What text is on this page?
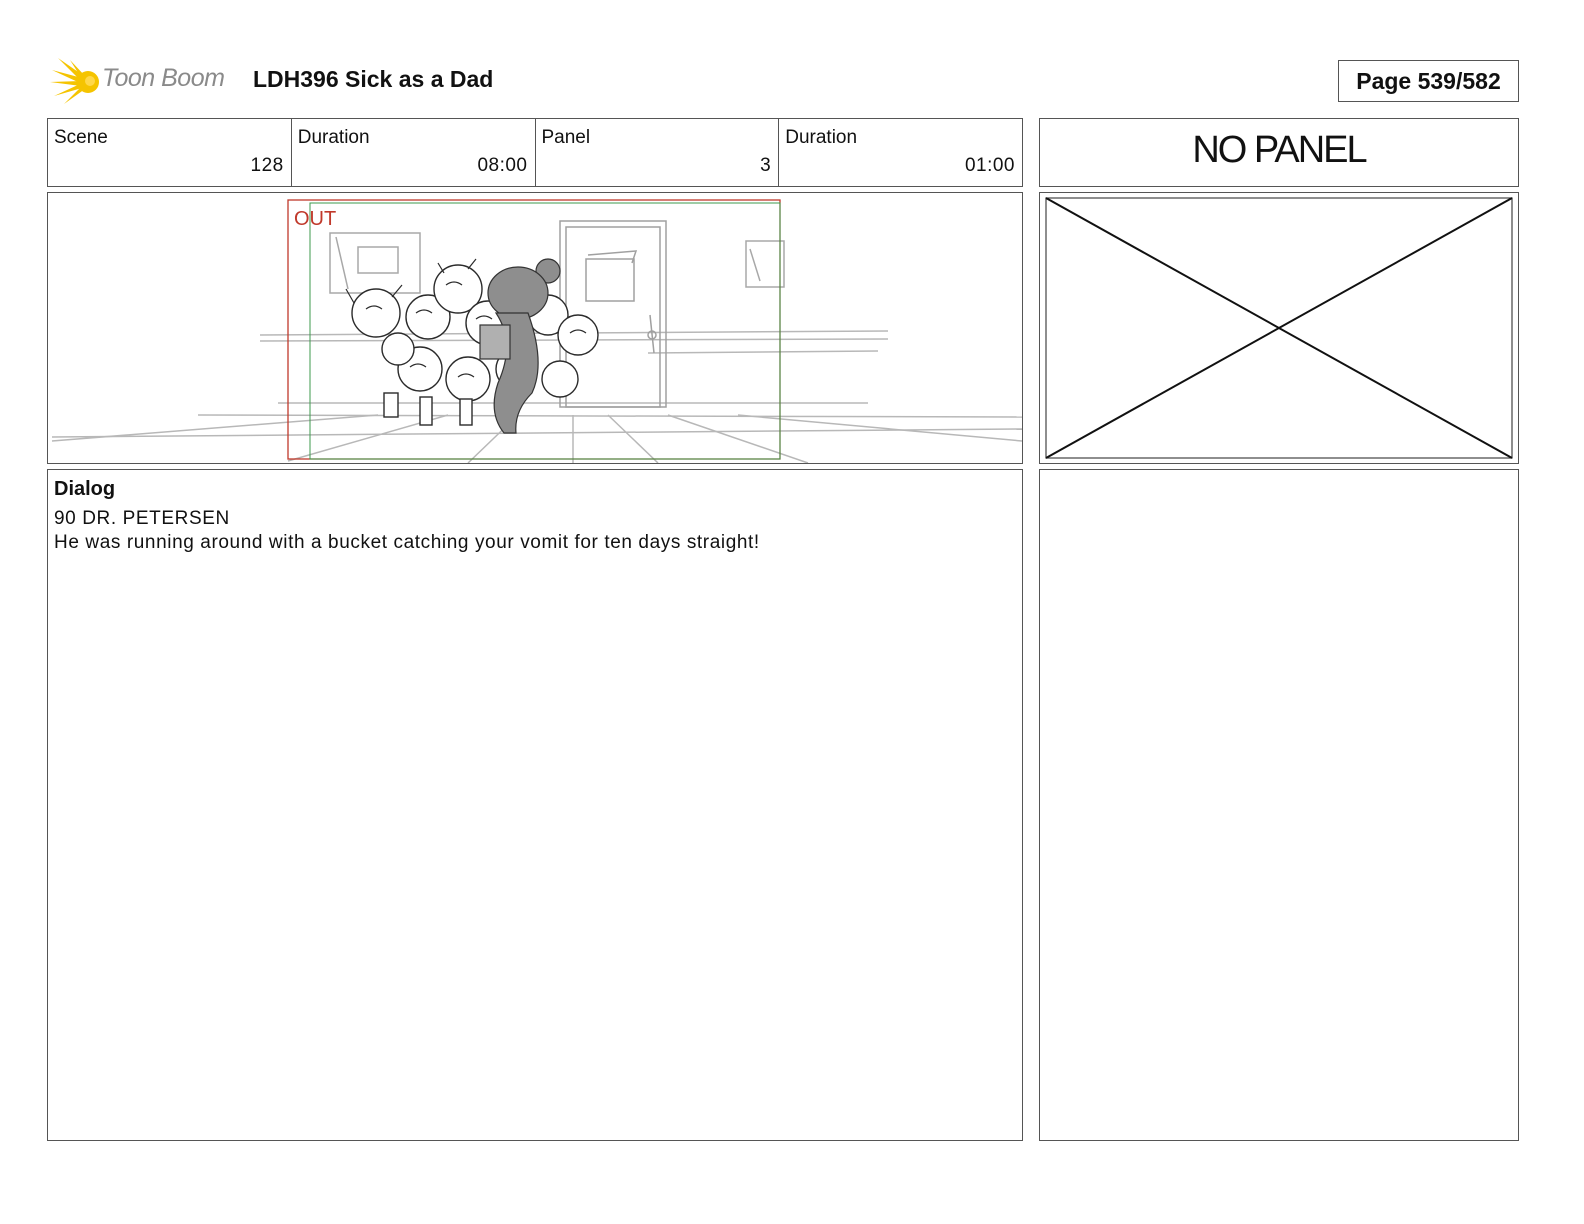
Toon Boom LDH396 Sick as a Dad	Page 539/582
Scene
128
Duration
08:00
Panel
3
Duration
01:00	NO PANEL
OUT
Dialog
90 DR. PETERSEN
He was running around with a bucket catching your vomit for ten days straight!
